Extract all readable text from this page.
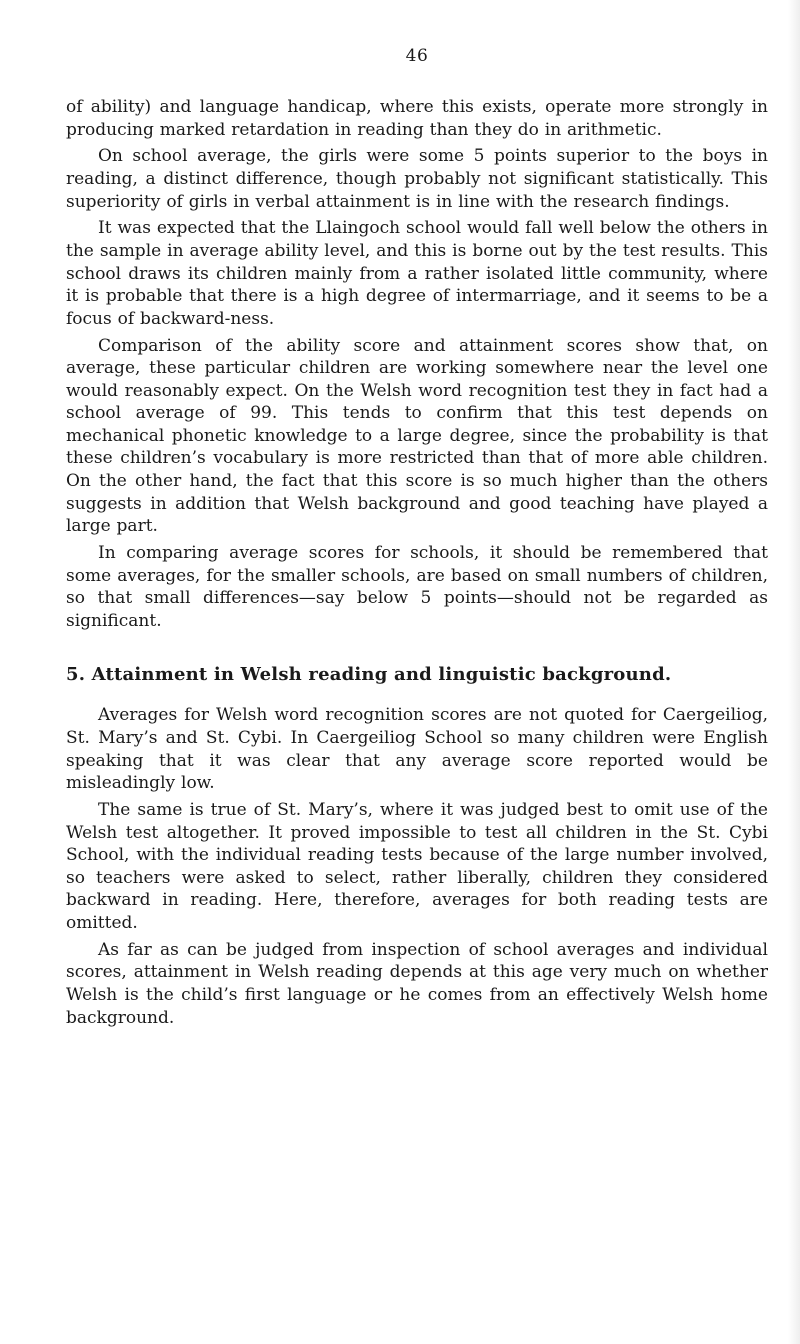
46

of ability) and language handicap, where this exists, operate more strongly in producing marked retardation in reading than they do in arithmetic.

On school average, the girls were some 5 points superior to the boys in reading, a distinct difference, though probably not significant statistically. This superiority of girls in verbal attainment is in line with the research findings.

It was expected that the Llaingoch school would fall well below the others in the sample in average ability level, and this is borne out by the test results. This school draws its children mainly from a rather isolated little community, where it is probable that there is a high degree of intermarriage, and it seems to be a focus of backward-ness.

Comparison of the ability score and attainment scores show that, on average, these particular children are working somewhere near the level one would reasonably expect. On the Welsh word recognition test they in fact had a school average of 99. This tends to confirm that this test depends on mechanical phonetic knowledge to a large degree, since the probability is that these children’s vocabulary is more restricted than that of more able children. On the other hand, the fact that this score is so much higher than the others suggests in addition that Welsh background and good teaching have played a large part.

In comparing average scores for schools, it should be remembered that some averages, for the smaller schools, are based on small numbers of children, so that small differences—say below 5 points—should not be regarded as significant.

5. Attainment in Welsh reading and linguistic background.

Averages for Welsh word recognition scores are not quoted for Caergeiliog, St. Mary’s and St. Cybi. In Caergeiliog School so many children were English speaking that it was clear that any average score reported would be misleadingly low.

The same is true of St. Mary’s, where it was judged best to omit use of the Welsh test altogether. It proved impossible to test all children in the St. Cybi School, with the individual reading tests because of the large number involved, so teachers were asked to select, rather liberally, children they considered backward in reading. Here, therefore, averages for both reading tests are omitted.

As far as can be judged from inspection of school averages and individual scores, attainment in Welsh reading depends at this age very much on whether Welsh is the child’s first language or he comes from an effectively Welsh home background.
